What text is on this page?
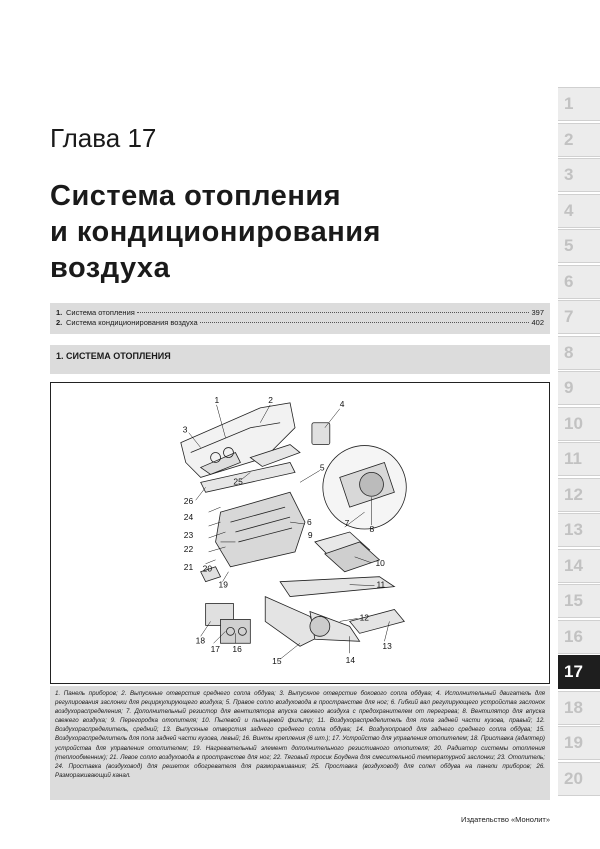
Глава 17
Система отопления
и кондиционирования
воздуха
1. Система отопления	397
2. Система кондиционирования воздуха	402
1. СИСТЕМА ОТОПЛЕНИЯ
1	2
3
4
5
6	7
8
9
10
11
12
13
14
15
16
17
18
19
20
21
22
23
24
25
26
1. Панель приборов; 2. Выпускные отверстия среднего сопла обдува; 3. Выпускное отверстие бокового сопла обдува; 4. Исполнительный двигатель для регулирования заслонки для рециркулирующего воздуха; 5. Правое сопло воздуховода в пространстве для ног; 6. Гибкий вал регулирующего устройства заслонок воздухораспределения; 7. Дополнительный резистор для вентилятора впуска свежего воздуха с предохранителем от перегрева; 8. Вентилятор для впуска свежего воздуха; 9. Перегородка отопителя; 10. Пылевой и пыльцевой фильтр; 11. Воздухораспределитель для пола задней части кузова, правый; 12. Воздухораспределитель, средний; 13. Выпускные отверстия заднего среднего сопла обдува; 14. Воздухопровод для заднего среднего сопла обдува; 15. Воздухораспределитель для пола задней части кузова, левый; 16. Винты крепления (6 шт.); 17. Устройство для управления отопителем; 18. Приставка (адаптер) устройства для управления отопителем; 19. Нагревательный элемент дополнительного резистивного отопителя; 20. Радиатор системы отопления (теплообменник); 21. Левое сопло воздуховода в пространстве для ног; 22. Тяговый тросик Боудена для смесительной температурной заслонки; 23. Отопитель; 24. Проставка (воздуховод) для решеток обогревателя для размораживания; 25. Проставка (воздуховод) для сопел обдува на панели приборов; 26. Размораживающий канал.
Издательство «Монолит»
1
2
3
4
5
6
7
8
9
10
11
12
13
14
15
16
17
18
19
20
